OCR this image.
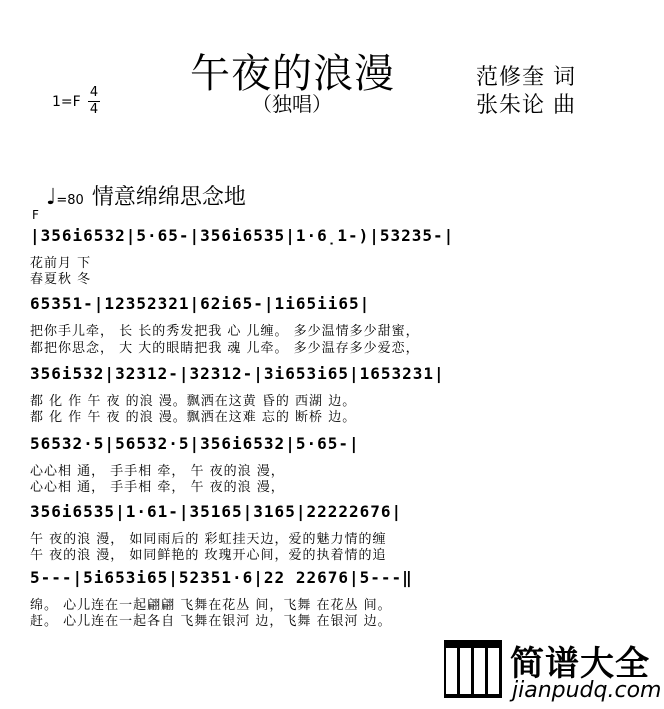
午夜的浪漫
（独唱）
1=F
4
4
范修奎 词
张朱论 曲
♩=80 情意绵绵思念地
F
|356i6532|5·65-|356i6535|1·6̣1-)|53235-|
花前月 下
春夏秋 冬
65351-|12352321|62i65-|1i65ii65|
把你手儿牵， 长 长的秀发把我 心 儿缠。 多少温情多少甜蜜，
都把你思念， 大 大的眼睛把我 魂 儿牵。 多少温存多少爱恋，
356i532|32312-|32312-|3i653i65|1653231|
都 化 作 午 夜 的浪 漫。飘洒在这黄 昏的 西湖 边。
都 化 作 午 夜 的浪 漫。飘洒在这难 忘的 断桥 边。
56532·5|56532·5|356i6532|5·65-|
心心相 通， 手手相 牵， 午 夜的浪 漫，
心心相 通， 手手相 牵， 午 夜的浪 漫，
356i6535|1·61-|35165|3165|22222676|
午 夜的浪 漫， 如同雨后的 彩虹挂天边，爱的魅力情的缠
午 夜的浪 漫， 如同鲜艳的 玫瑰开心间，爱的执着情的追
5---|5i653i65|52351·6|22 22676|5---‖
绵。 心儿连在一起翩翩 飞舞在花丛 间，飞舞 在花丛 间。
赶。 心儿连在一起各自 飞舞在银河 边，飞舞 在银河 边。
简谱大全
jianpudq.com
